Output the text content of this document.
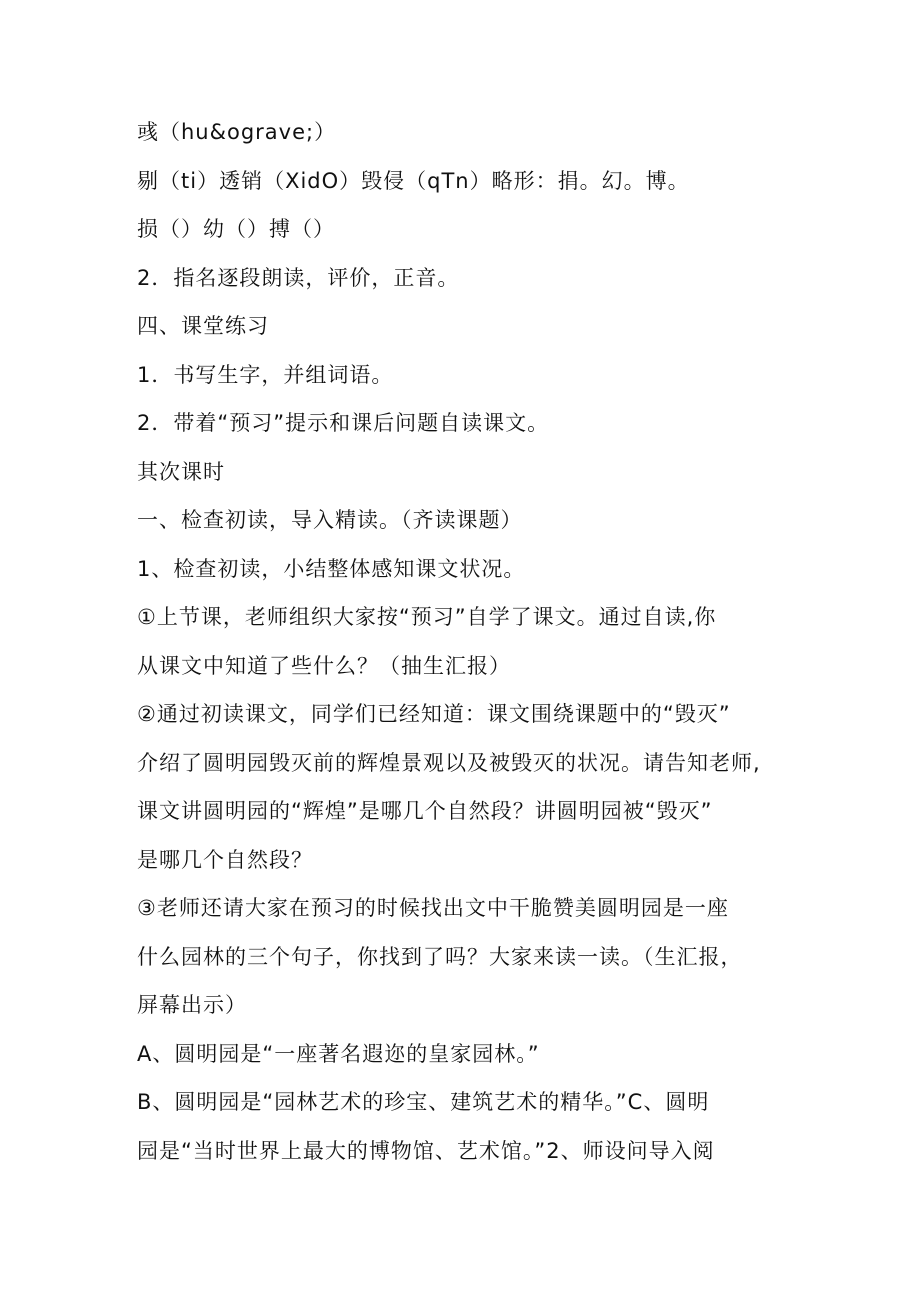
彧（hu&ograve;）
剔（ti）透销（XidO）毁侵（qTn）略形：捐。幻。博。
损（）幼（）搏（）
2．指名逐段朗读，评价，正音。
四、课堂练习
1．书写生字，并组词语。
2．带着“预习”提示和课后问题自读课文。
其次课时
一、检查初读，导入精读。（齐读课题）
1、检查初读，小结整体感知课文状况。
①上节课，老师组织大家按“预习”自学了课文。通过自读,你
从课文中知道了些什么？（抽生汇报）
②通过初读课文，同学们已经知道：课文围绕课题中的“毁灭”
介绍了圆明园毁灭前的辉煌景观以及被毁灭的状况。请告知老师,
课文讲圆明园的“辉煌”是哪几个自然段？讲圆明园被“毁灭”
是哪几个自然段？
③老师还请大家在预习的时候找出文中干脆赞美圆明园是一座
什么园林的三个句子，你找到了吗？大家来读一读。（生汇报，
屏幕出示）
A、圆明园是“一座著名遐迩的皇家园林。”
B、圆明园是“园林艺术的珍宝、建筑艺术的精华。”C、圆明
园是“当时世界上最大的博物馆、艺术馆。”2、师设问导入阅
